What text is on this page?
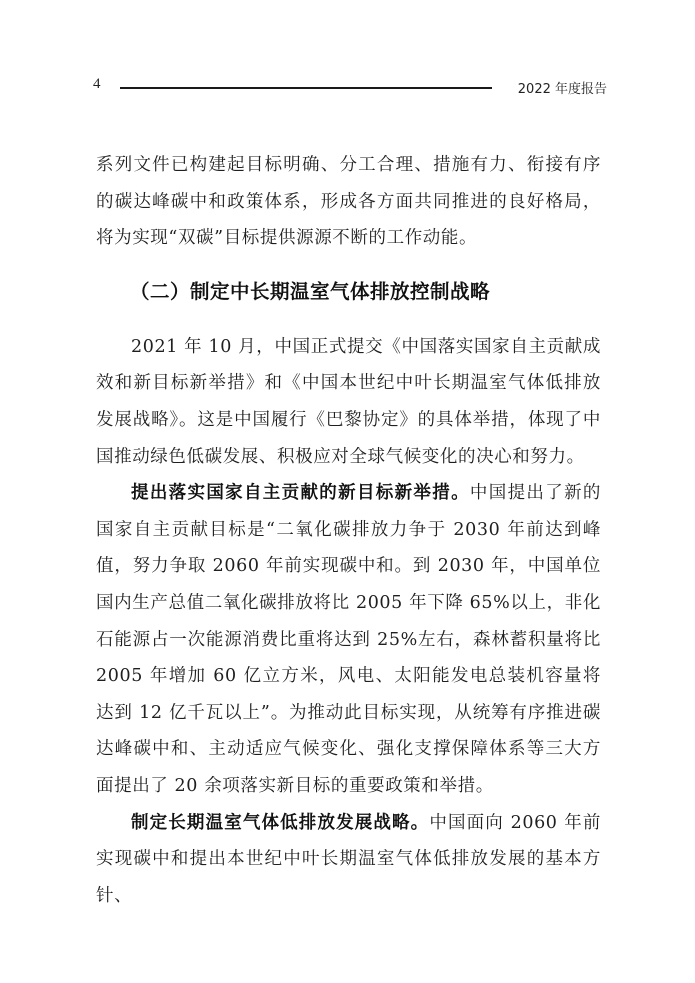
4	2022 年度报告

系列文件已构建起目标明确、分工合理、措施有力、衔接有序的碳达峰碳中和政策体系，形成各方面共同推进的良好格局，将为实现“双碳”目标提供源源不断的工作动能。

（二）制定中长期温室气体排放控制战略

2021 年 10 月，中国正式提交《中国落实国家自主贡献成效和新目标新举措》和《中国本世纪中叶长期温室气体低排放发展战略》。这是中国履行《巴黎协定》的具体举措，体现了中国推动绿色低碳发展、积极应对全球气候变化的决心和努力。

提出落实国家自主贡献的新目标新举措。中国提出了新的国家自主贡献目标是“二氧化碳排放力争于 2030 年前达到峰值，努力争取 2060 年前实现碳中和。到 2030 年，中国单位国内生产总值二氧化碳排放将比 2005 年下降 65%以上，非化石能源占一次能源消费比重将达到 25%左右，森林蓄积量将比 2005 年增加 60 亿立方米，风电、太阳能发电总装机容量将达到 12 亿千瓦以上”。为推动此目标实现，从统筹有序推进碳达峰碳中和、主动适应气候变化、强化支撑保障体系等三大方面提出了 20 余项落实新目标的重要政策和举措。

制定长期温室气体低排放发展战略。中国面向 2060 年前实现碳中和提出本世纪中叶长期温室气体低排放发展的基本方针、
